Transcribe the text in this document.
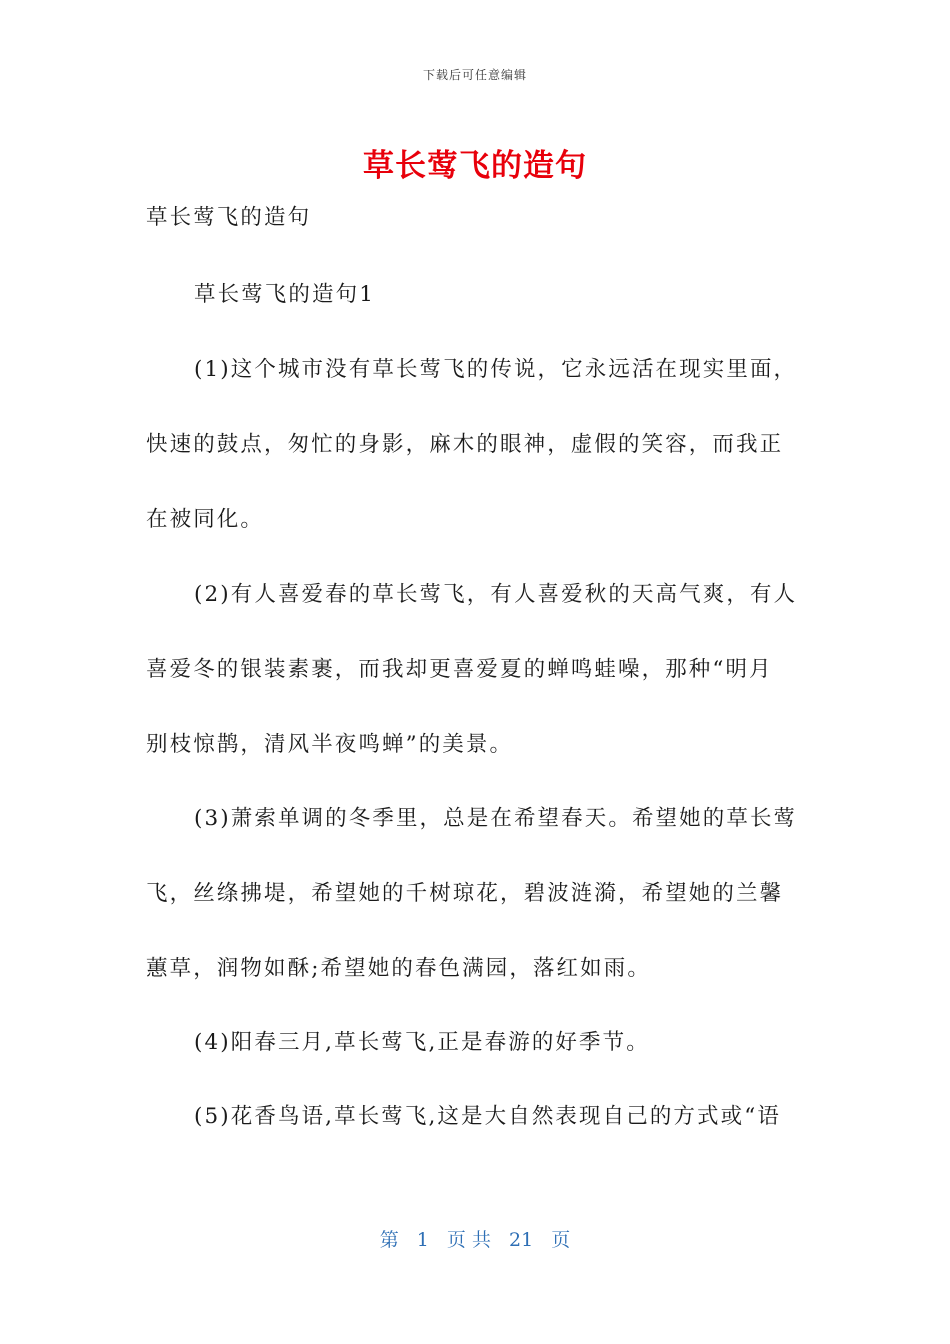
下载后可任意编辑
草长莺飞的造句
草长莺飞的造句
草长莺飞的造句1
(1)这个城市没有草长莺飞的传说，它永远活在现实里面，
快速的鼓点，匆忙的身影，麻木的眼神，虚假的笑容，而我正
在被同化。
(2)有人喜爱春的草长莺飞，有人喜爱秋的天高气爽，有人
喜爱冬的银装素裹，而我却更喜爱夏的蝉鸣蛙噪，那种“明月
别枝惊鹊，清风半夜鸣蝉”的美景。
(3)萧索单调的冬季里，总是在希望春天。希望她的草长莺
飞，丝绦拂堤，希望她的千树琼花，碧波涟漪，希望她的兰馨
蕙草，润物如酥;希望她的春色满园，落红如雨。
(4)阳春三月,草长莺飞,正是春游的好季节。
(5)花香鸟语,草长莺飞,这是大自然表现自己的方式或“语
第 1 页 共 21 页
